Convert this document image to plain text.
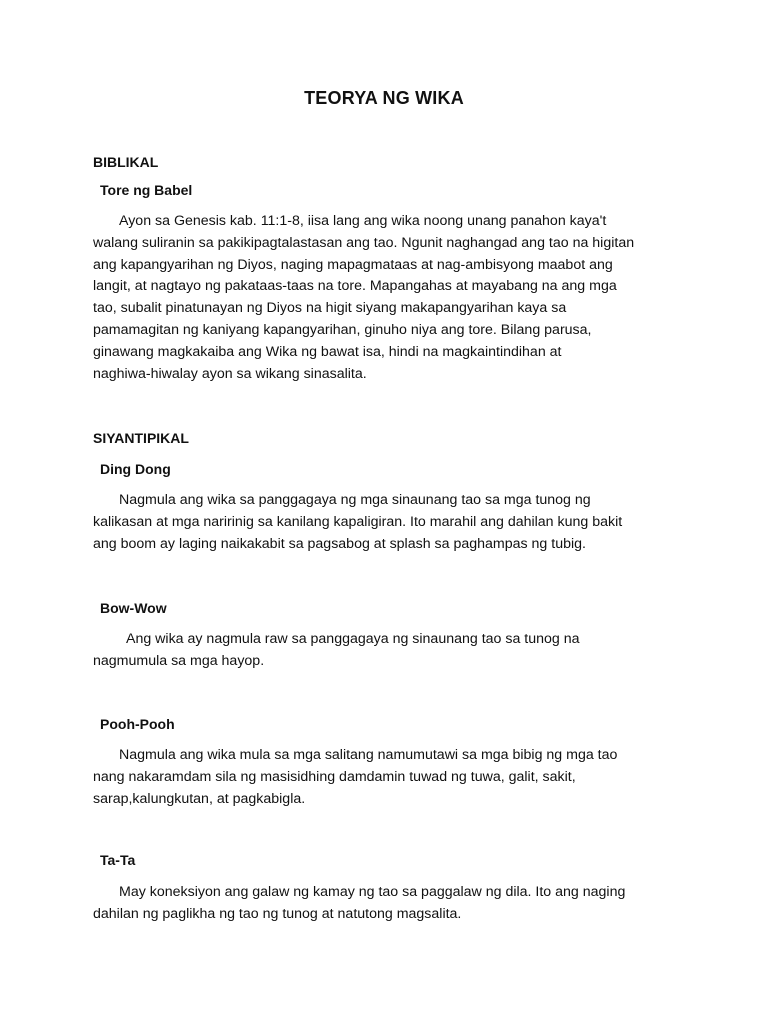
TEORYA NG WIKA
BIBLIKAL
Tore ng Babel
Ayon sa Genesis kab. 11:1-8, iisa lang ang wika noong unang panahon kaya't
walang suliranin sa pakikipagtalastasan ang tao. Ngunit naghangad ang tao na higitan
ang kapangyarihan ng Diyos, naging mapagmataas at nag-ambisyong maabot ang
langit, at nagtayo ng pakataas-taas na tore. Mapangahas at mayabang na ang mga
tao, subalit pinatunayan ng Diyos na higit siyang makapangyarihan kaya sa
pamamagitan ng kaniyang kapangyarihan, ginuho niya ang tore. Bilang parusa,
ginawang magkakaiba ang Wika ng bawat isa, hindi na magkaintindihan at
naghiwa-hiwalay ayon sa wikang sinasalita.
SIYANTIPIKAL
Ding Dong
Nagmula ang wika sa panggagaya ng mga sinaunang tao sa mga tunog ng
kalikasan at mga naririnig sa kanilang kapaligiran. Ito marahil ang dahilan kung bakit
ang boom ay laging naikakabit sa pagsabog at splash sa paghampas ng tubig.
Bow-Wow
Ang wika ay nagmula raw sa panggagaya ng sinaunang tao sa tunog na
nagmumula sa mga hayop.
Pooh-Pooh
Nagmula ang wika mula sa mga salitang namumutawi sa mga bibig ng mga tao
nang nakaramdam sila ng masisidhing damdamin tuwad ng tuwa, galit, sakit,
sarap,kalungkutan, at pagkabigla.
Ta-Ta
May koneksiyon ang galaw ng kamay ng tao sa paggalaw ng dila. Ito ang naging
dahilan ng paglikha ng tao ng tunog at natutong magsalita.
